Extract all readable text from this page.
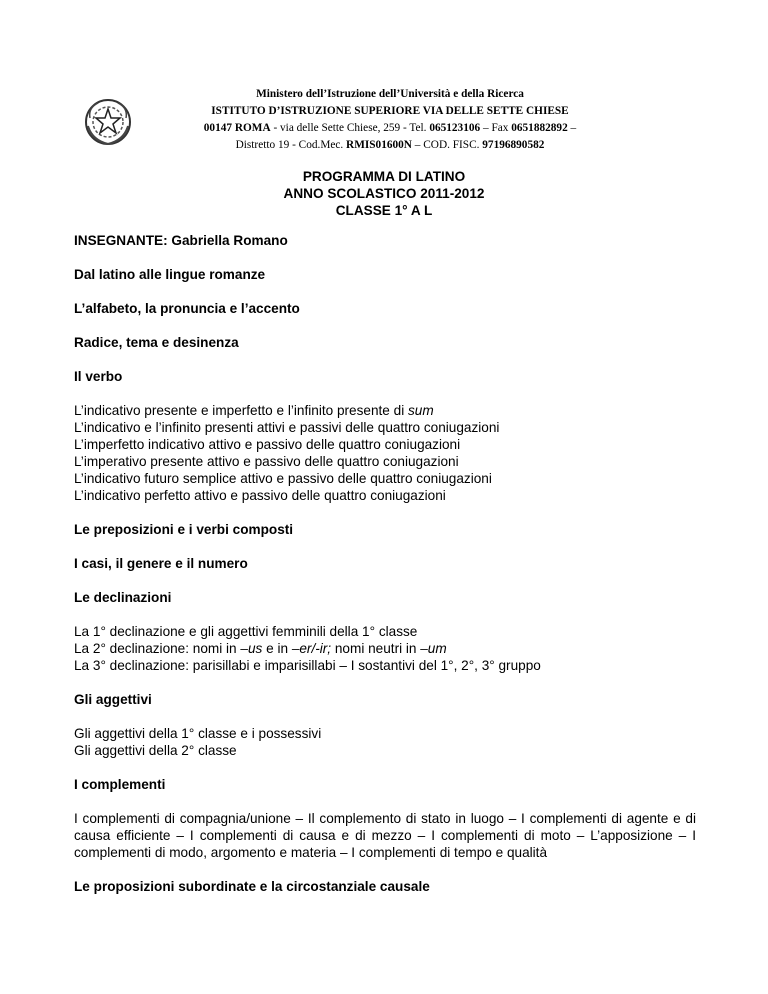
Ministero dell’Istruzione dell’Università e della Ricerca
ISTITUTO D’ISTRUZIONE SUPERIORE VIA DELLE SETTE CHIESE
00147 ROMA - via delle Sette Chiese, 259 - Tel. 065123106 – Fax 0651882892 –
Distretto 19 - Cod.Mec. RMIS01600N – COD. FISC. 97196890582
PROGRAMMA DI LATINO
ANNO SCOLASTICO 2011-2012
CLASSE 1° A L
INSEGNANTE: Gabriella Romano
Dal latino alle lingue romanze
L’alfabeto, la pronuncia e l’accento
Radice, tema e desinenza
Il verbo
L’indicativo presente e imperfetto e l’infinito presente di sum
L’indicativo e l’infinito presenti attivi e passivi delle quattro coniugazioni
L’imperfetto indicativo attivo e passivo delle quattro coniugazioni
L’imperativo presente attivo e passivo delle quattro coniugazioni
L’indicativo futuro semplice attivo e passivo delle quattro coniugazioni
L’indicativo perfetto attivo e passivo delle quattro coniugazioni
Le preposizioni e i verbi composti
I casi, il genere e il numero
Le declinazioni
La 1° declinazione e gli aggettivi femminili della 1° classe
La 2° declinazione: nomi in –us e in –er/-ir; nomi neutri in –um
La 3° declinazione: parisillabi e imparisillabi – I sostantivi del 1°, 2°, 3° gruppo
Gli aggettivi
Gli aggettivi della 1° classe e i possessivi
Gli aggettivi della 2° classe
I complementi
I complementi di compagnia/unione – Il complemento di stato in luogo – I complementi di agente e di causa efficiente – I complementi di causa e di mezzo – I complementi di moto – L’apposizione – I complementi di modo, argomento e materia – I complementi di tempo e qualità
Le proposizioni subordinate e la circostanziale causale
